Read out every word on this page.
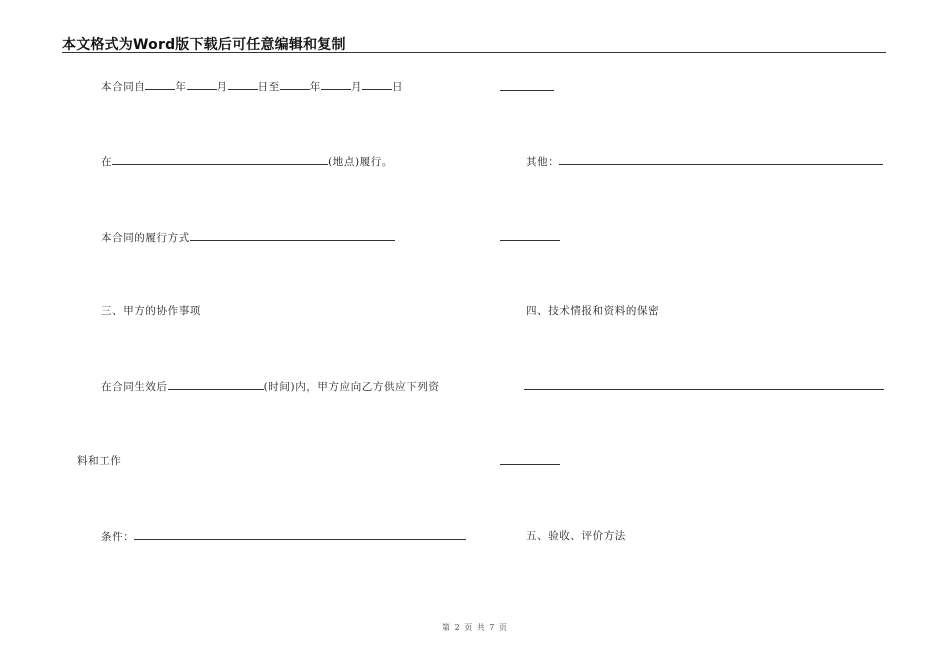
本文格式为Word版下载后可任意编辑和复制
本合同自	年	月	日至	年	月	日
在	(地点)履行。
本合同的履行方式
三、甲方的协作事项
在合同生效后	(时间)内，甲方应向乙方供应下列资
料和工作
条件：
其他：
四、技术情报和资料的保密
五、验收、评价方法
第 2 页 共 7 页
